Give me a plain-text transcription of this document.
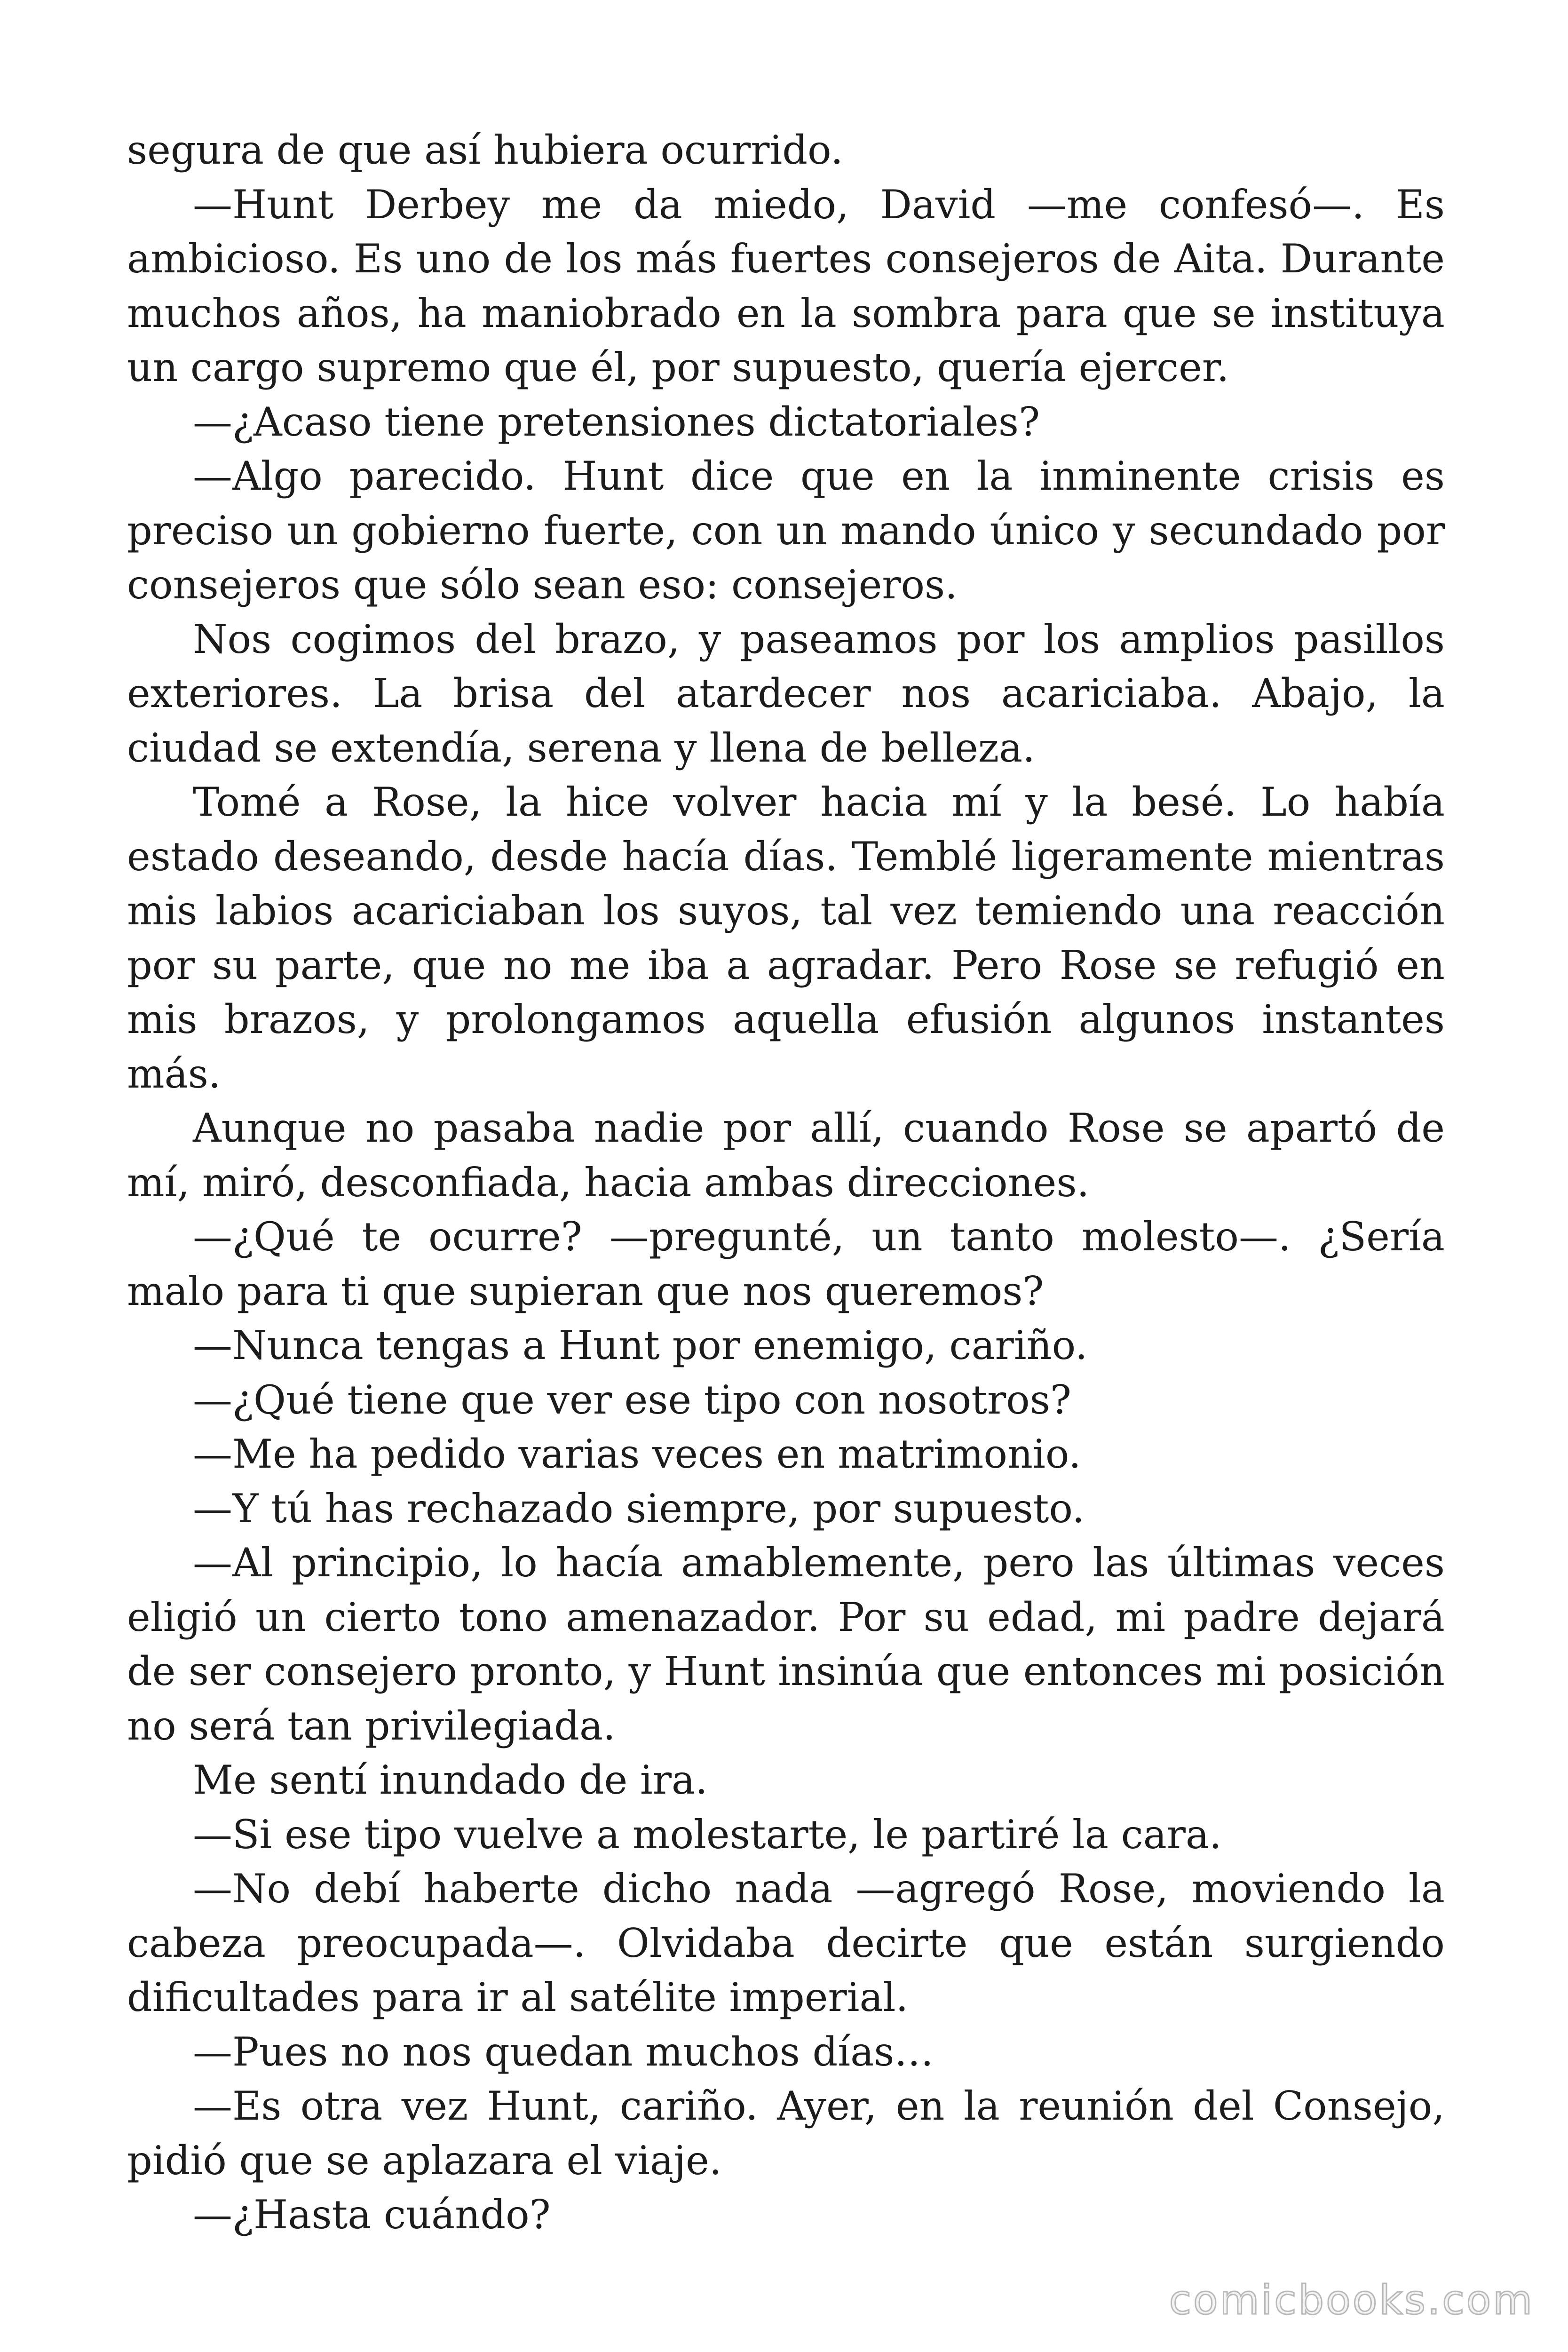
segura de que así hubiera ocurrido.

—Hunt Derbey me da miedo, David —me confesó—. Es ambicioso. Es uno de los más fuertes consejeros de Aita. Durante muchos años, ha maniobrado en la sombra para que se instituya un cargo supremo que él, por supuesto, quería ejercer.

—¿Acaso tiene pretensiones dictatoriales?

—Algo parecido. Hunt dice que en la inminente crisis es preciso un gobierno fuerte, con un mando único y secundado por consejeros que sólo sean eso: consejeros.

Nos cogimos del brazo, y paseamos por los amplios pasillos exteriores. La brisa del atardecer nos acariciaba. Abajo, la ciudad se extendía, serena y llena de belleza.

Tomé a Rose, la hice volver hacia mí y la besé. Lo había estado deseando, desde hacía días. Temblé ligeramente mientras mis labios acariciaban los suyos, tal vez temiendo una reacción por su parte, que no me iba a agradar. Pero Rose se refugió en mis brazos, y prolongamos aquella efusión algunos instantes más.

Aunque no pasaba nadie por allí, cuando Rose se apartó de mí, miró, desconfiada, hacia ambas direcciones.

—¿Qué te ocurre? —pregunté, un tanto molesto—. ¿Sería malo para ti que supieran que nos queremos?

—Nunca tengas a Hunt por enemigo, cariño.

—¿Qué tiene que ver ese tipo con nosotros?

—Me ha pedido varias veces en matrimonio.

—Y tú has rechazado siempre, por supuesto.

—Al principio, lo hacía amablemente, pero las últimas veces eligió un cierto tono amenazador. Por su edad, mi padre dejará de ser consejero pronto, y Hunt insinúa que entonces mi posición no será tan privilegiada.

Me sentí inundado de ira.

—Si ese tipo vuelve a molestarte, le partiré la cara.

—No debí haberte dicho nada —agregó Rose, moviendo la cabeza preocupada—. Olvidaba decirte que están surgiendo dificultades para ir al satélite imperial.

—Pues no nos quedan muchos días…

—Es otra vez Hunt, cariño. Ayer, en la reunión del Consejo, pidió que se aplazara el viaje.

—¿Hasta cuándo?

comicbooks.com
